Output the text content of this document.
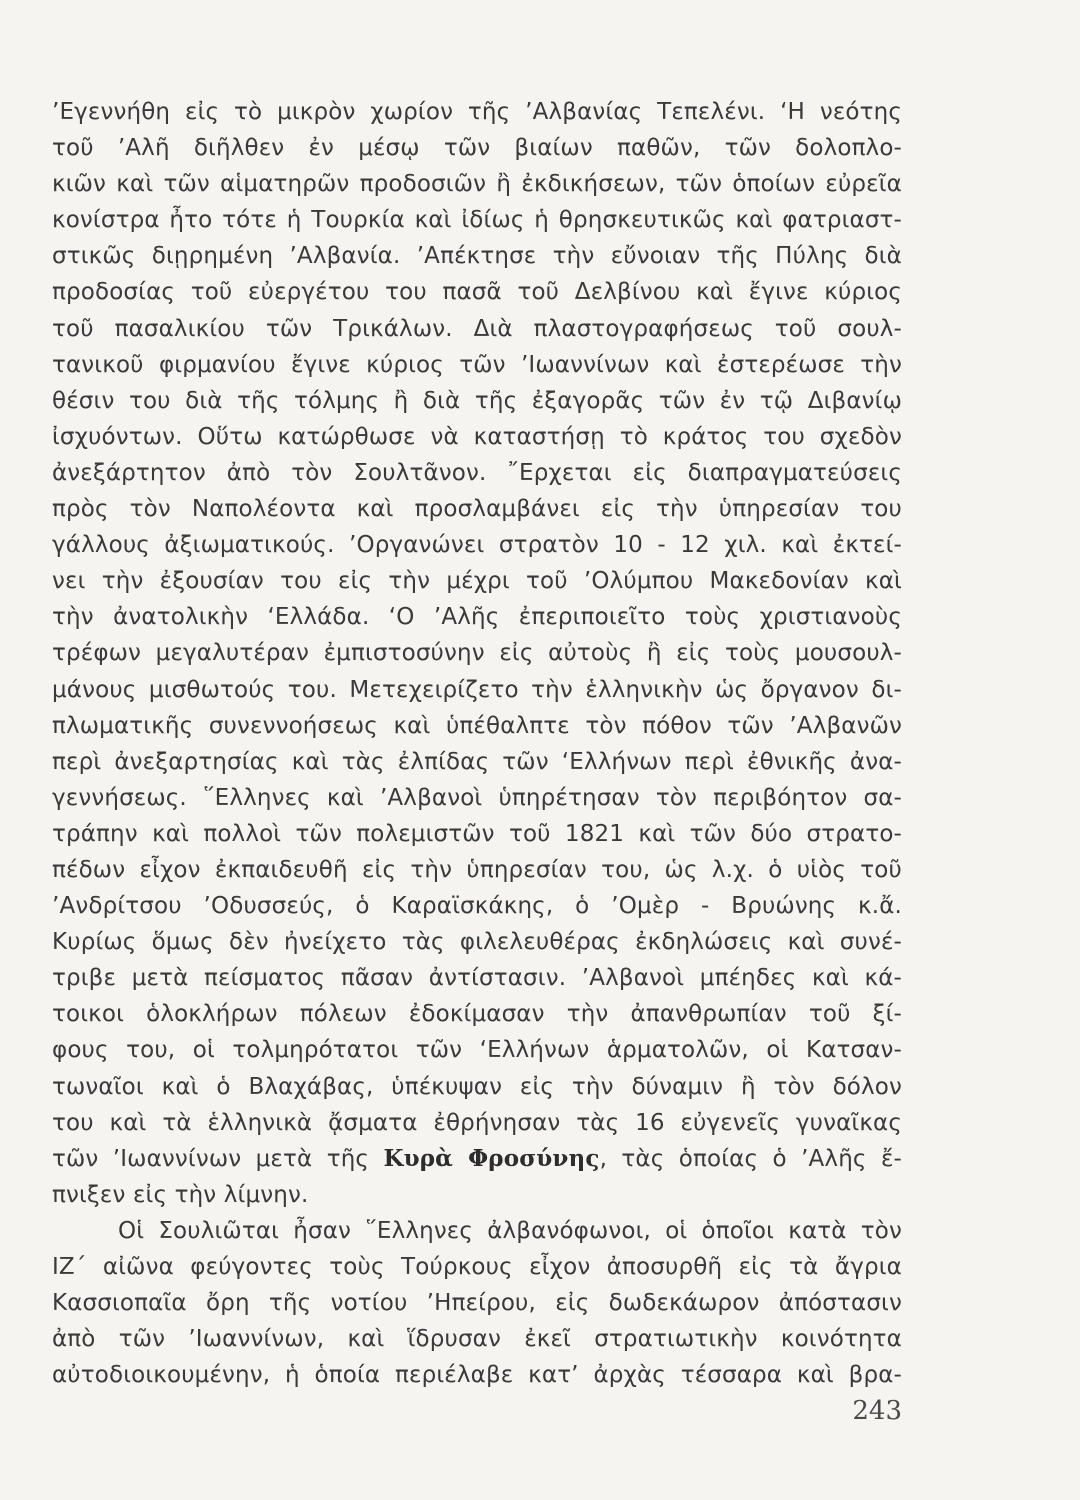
’Εγεννήθη εἰς τὸ μικρὸν χωρίον τῆς ’Αλβανίας Τεπελένι. ‘Η νεότης
τοῦ ’Αλῆ διῆλθεν ἐν μέσῳ τῶν βιαίων παθῶν, τῶν δολοπλο-
κιῶν καὶ τῶν αἱματηρῶν προδοσιῶν ἢ ἐκδικήσεων, τῶν ὁποίων εὐρεῖα
κονίστρα ἦτο τότε ἡ Τουρκία καὶ ἰδίως ἡ θρησκευτικῶς καὶ φατριαστ-
στικῶς διῃρημένη ’Αλβανία. ’Απέκτησε τὴν εὔνοιαν τῆς Πύλης διὰ
προδοσίας τοῦ εὐεργέτου του πασᾶ τοῦ Δελβίνου καὶ ἔγινε κύριος
τοῦ πασαλικίου τῶν Τρικάλων. Διὰ πλαστογραφήσεως τοῦ σουλ-
τανικοῦ φιρμανίου ἔγινε κύριος τῶν ’Ιωαννίνων καὶ ἐστερέωσε τὴν
θέσιν του διὰ τῆς τόλμης ἢ διὰ τῆς ἐξαγορᾶς τῶν ἐν τῷ Διβανίῳ
ἰσχυόντων. Οὕτω κατώρθωσε νὰ καταστήσῃ τὸ κράτος του σχεδὸν
ἀνεξάρτητον ἀπὸ τὸν Σουλτᾶνον. ῎Ερχεται εἰς διαπραγματεύσεις
πρὸς τὸν Ναπολέοντα καὶ προσλαμβάνει εἰς τὴν ὑπηρεσίαν του
γάλλους ἀξιωματικούς. ’Οργανώνει στρατὸν 10 - 12 χιλ. καὶ ἐκτεί-
νει τὴν ἐξουσίαν του εἰς τὴν μέχρι τοῦ ’Ολύμπου Μακεδονίαν καὶ
τὴν ἀνατολικὴν ‘Ελλάδα. ‘Ο ’Αλῆς ἐπεριποιεῖτο τοὺς χριστιανοὺς
τρέφων μεγαλυτέραν ἐμπιστοσύνην εἰς αὐτοὺς ἢ εἰς τοὺς μουσουλ-
μάνους μισθωτούς του. Μετεχειρίζετο τὴν ἑλληνικὴν ὡς ὄργανον δι-
πλωματικῆς συνεννοήσεως καὶ ὑπέθαλπτε τὸν πόθον τῶν ’Αλβανῶν
περὶ ἀνεξαρτησίας καὶ τὰς ἐλπίδας τῶν ‘Ελλήνων περὶ ἐθνικῆς ἀνα-
γεννήσεως. ῞Ελληνες καὶ ’Αλβανοὶ ὑπηρέτησαν τὸν περιβόητον σα-
τράπην καὶ πολλοὶ τῶν πολεμιστῶν τοῦ 1821 καὶ τῶν δύο στρατο-
πέδων εἶχον ἐκπαιδευθῆ εἰς τὴν ὑπηρεσίαν του, ὡς λ.χ. ὁ υἱὸς τοῦ
’Ανδρίτσου ’Οδυσσεύς, ὁ Καραϊσκάκης, ὁ ’Ομὲρ - Βρυώνης κ.ἄ.
Κυρίως ὅμως δὲν ἠνείχετο τὰς φιλελευθέρας ἐκδηλώσεις καὶ συνέ-
τριβε μετὰ πείσματος πᾶσαν ἀντίστασιν. ’Αλβανοὶ μπέηδες καὶ κά-
τοικοι ὁλοκλήρων πόλεων ἐδοκίμασαν τὴν ἀπανθρωπίαν τοῦ ξί-
φους του, οἱ τολμηρότατοι τῶν ‘Ελλήνων ἁρματολῶν, οἱ Κατσαν-
τωναῖοι καὶ ὁ Βλαχάβας, ὑπέκυψαν εἰς τὴν δύναμιν ἢ τὸν δόλον
του καὶ τὰ ἑλληνικὰ ᾄσματα ἐθρήνησαν τὰς 16 εὐγενεῖς γυναῖκας
τῶν ’Ιωαννίνων μετὰ τῆς Κυρὰ Φροσύνης, τὰς ὁποίας ὁ ’Αλῆς ἔ-
πνιξεν εἰς τὴν λίμνην.
Οἱ Σουλιῶται ἦσαν ῞Ελληνες ἀλβανόφωνοι, οἱ ὁποῖοι κατὰ τὸν
ΙΖ΄ αἰῶνα φεύγοντες τοὺς Τούρκους εἶχον ἀποσυρθῆ εἰς τὰ ἄγρια
Κασσιοπαῖα ὄρη τῆς νοτίου ’Ηπείρου, εἰς δωδεκάωρον ἀπόστασιν
ἀπὸ τῶν ’Ιωαννίνων, καὶ ἵδρυσαν ἐκεῖ στρατιωτικὴν κοινότητα
αὐτοδιοικουμένην, ἡ ὁποία περιέλαβε κατ’ ἀρχὰς τέσσαρα καὶ βρα-
243
